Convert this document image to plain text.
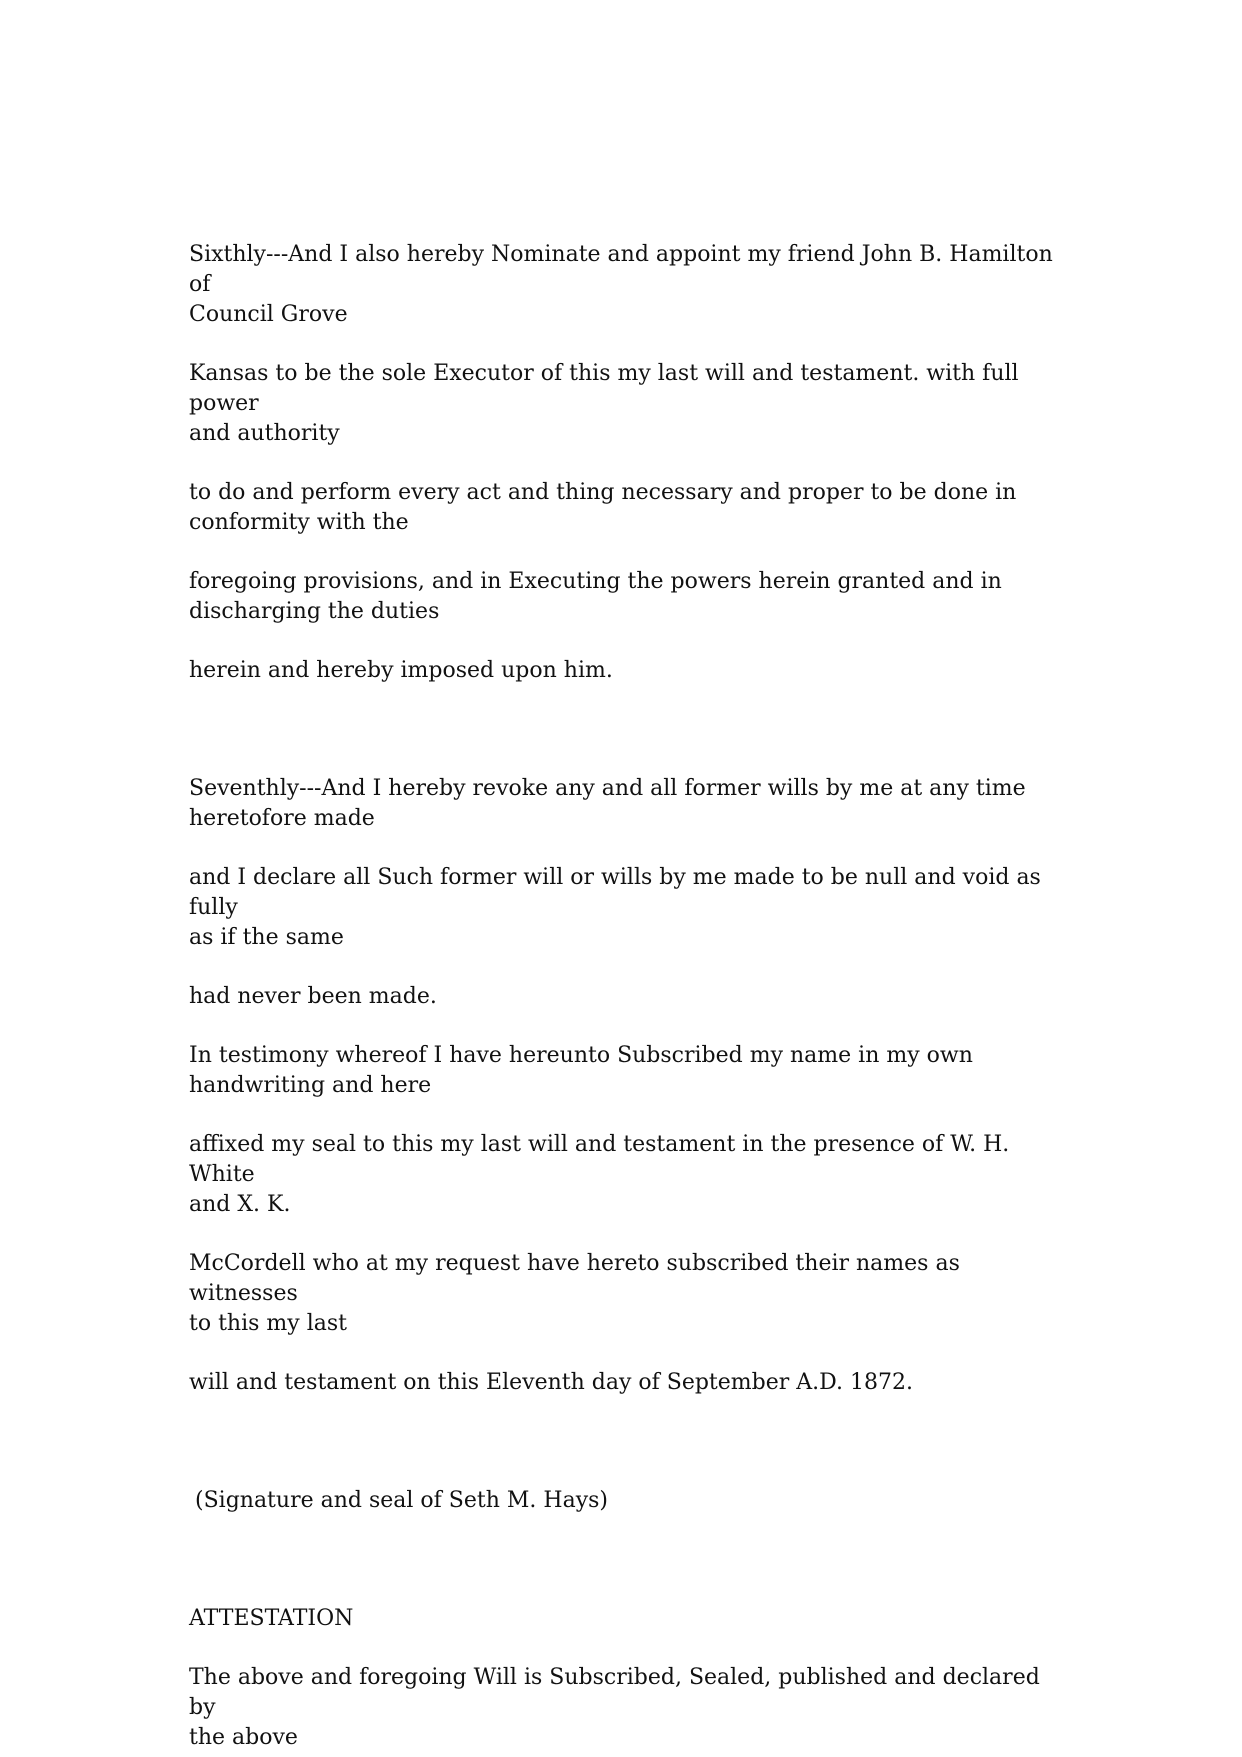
Sixthly---And I also hereby Nominate and appoint my friend John B. Hamilton of
Council Grove

Kansas to be the sole Executor of this my last will and testament. with full power
and authority

to do and perform every act and thing necessary and proper to be done in
conformity with the

foregoing provisions, and in Executing the powers herein granted and in
discharging the duties

herein and hereby imposed upon him.

Seventhly---And I hereby revoke any and all former wills by me at any time
heretofore made

and I declare all Such former will or wills by me made to be null and void as fully
as if the same

had never been made.

In testimony whereof I have hereunto Subscribed my name in my own
handwriting and here

affixed my seal to this my last will and testament in the presence of W. H. White
and X. K.

McCordell who at my request have hereto subscribed their names as witnesses
to this my last

will and testament on this Eleventh day of September A.D. 1872.

(Signature and seal of Seth M. Hays)

ATTESTATION

The above and foregoing Will is Subscribed, Sealed, published and declared by
the above
